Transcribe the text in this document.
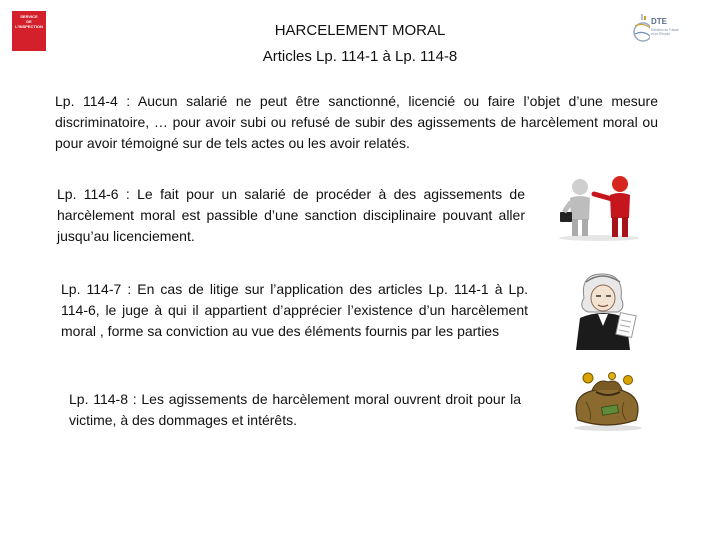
SERVICE
DE
L'INSPECTION
DTE
Direction du Travail et de l'Emploi
HARCELEMENT MORAL
Articles Lp. 114-1 à Lp. 114-8

Lp. 114-4 : Aucun salarié ne peut être sanctionné, licencié ou faire l’objet d’une mesure discriminatoire, … pour avoir subi ou refusé de subir des agissements de harcèlement moral ou pour avoir témoigné sur de tels actes ou les avoir relatés.

Lp. 114-6 : Le fait pour un salarié de procéder à des agissements de harcèlement moral est passible d’une sanction disciplinaire pouvant aller jusqu’au licenciement.

Lp. 114-7 : En cas de litige sur l’application des articles Lp. 114-1 à Lp. 114-6, le juge à qui il appartient d’apprécier l’existence d’un harcèlement moral , forme sa conviction au vue des éléments fournis par les parties

Lp. 114-8 : Les agissements de harcèlement moral ouvrent droit pour la victime, à des dommages et intérêts.
